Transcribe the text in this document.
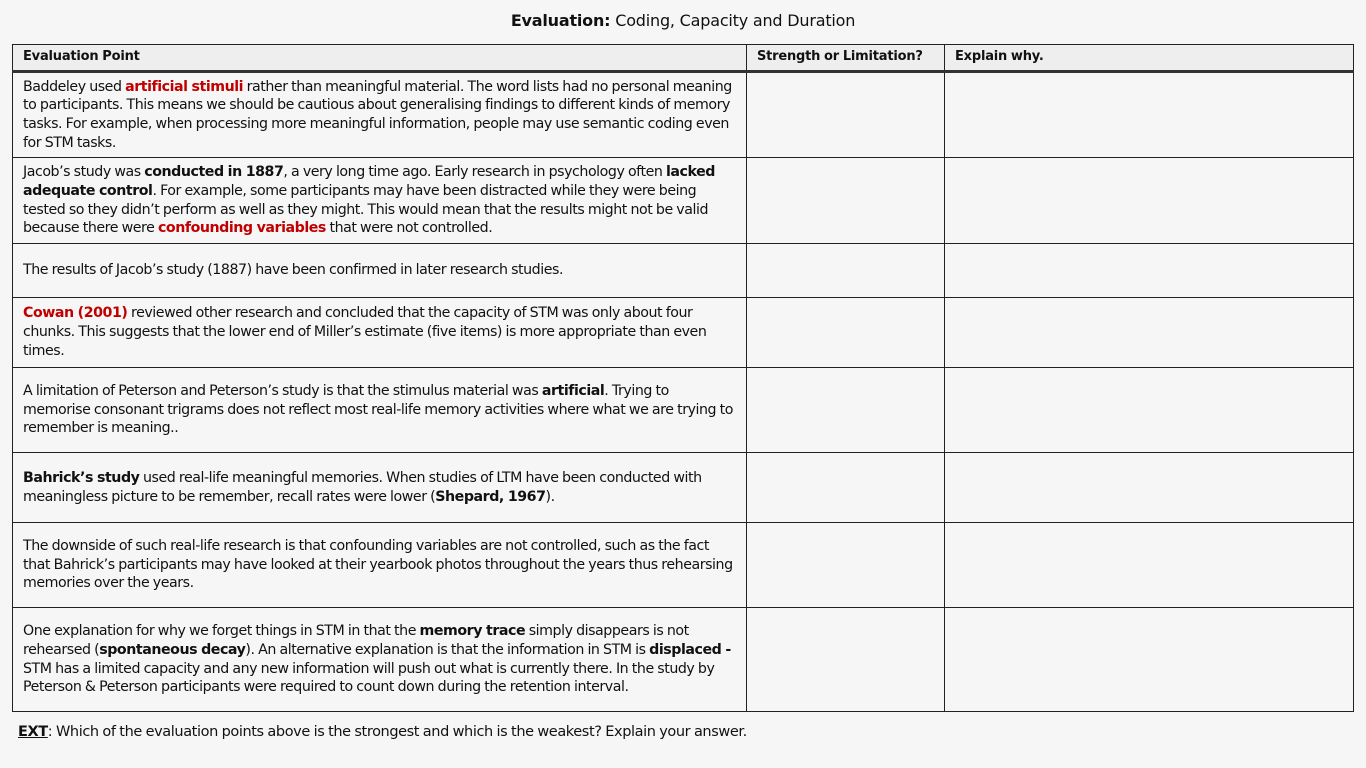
Evaluation: Coding, Capacity and Duration
Evaluation Point	Strength or Limitation?	Explain why.
Baddeley used artificial stimuli rather than meaningful material. The word lists had no personal meaning to participants. This means we should be cautious about generalising findings to different kinds of memory tasks. For example, when processing more meaningful information, people may use semantic coding even for STM tasks.		
Jacob’s study was conducted in 1887, a very long time ago. Early research in psychology often lacked adequate control. For example, some participants may have been distracted while they were being tested so they didn’t perform as well as they might. This would mean that the results might not be valid because there were confounding variables that were not controlled.		
The results of Jacob’s study (1887) have been confirmed in later research studies.		
Cowan (2001) reviewed other research and concluded that the capacity of STM was only about four chunks. This suggests that the lower end of Miller’s estimate (five items) is more appropriate than even times.		
A limitation of Peterson and Peterson’s study is that the stimulus material was artificial. Trying to memorise consonant trigrams does not reflect most real-life memory activities where what we are trying to remember is meaning..		
Bahrick’s study used real-life meaningful memories. When studies of LTM have been conducted with meaningless picture to be remember, recall rates were lower (Shepard, 1967).		
The downside of such real-life research is that confounding variables are not controlled, such as the fact that Bahrick’s participants may have looked at their yearbook photos throughout the years thus rehearsing memories over the years.		
One explanation for why we forget things in STM in that the memory trace simply disappears is not rehearsed (spontaneous decay). An alternative explanation is that the information in STM is displaced - STM has a limited capacity and any new information will push out what is currently there. In the study by Peterson & Peterson participants were required to count down during the retention interval.		
EXT: Which of the evaluation points above is the strongest and which is the weakest? Explain your answer.
